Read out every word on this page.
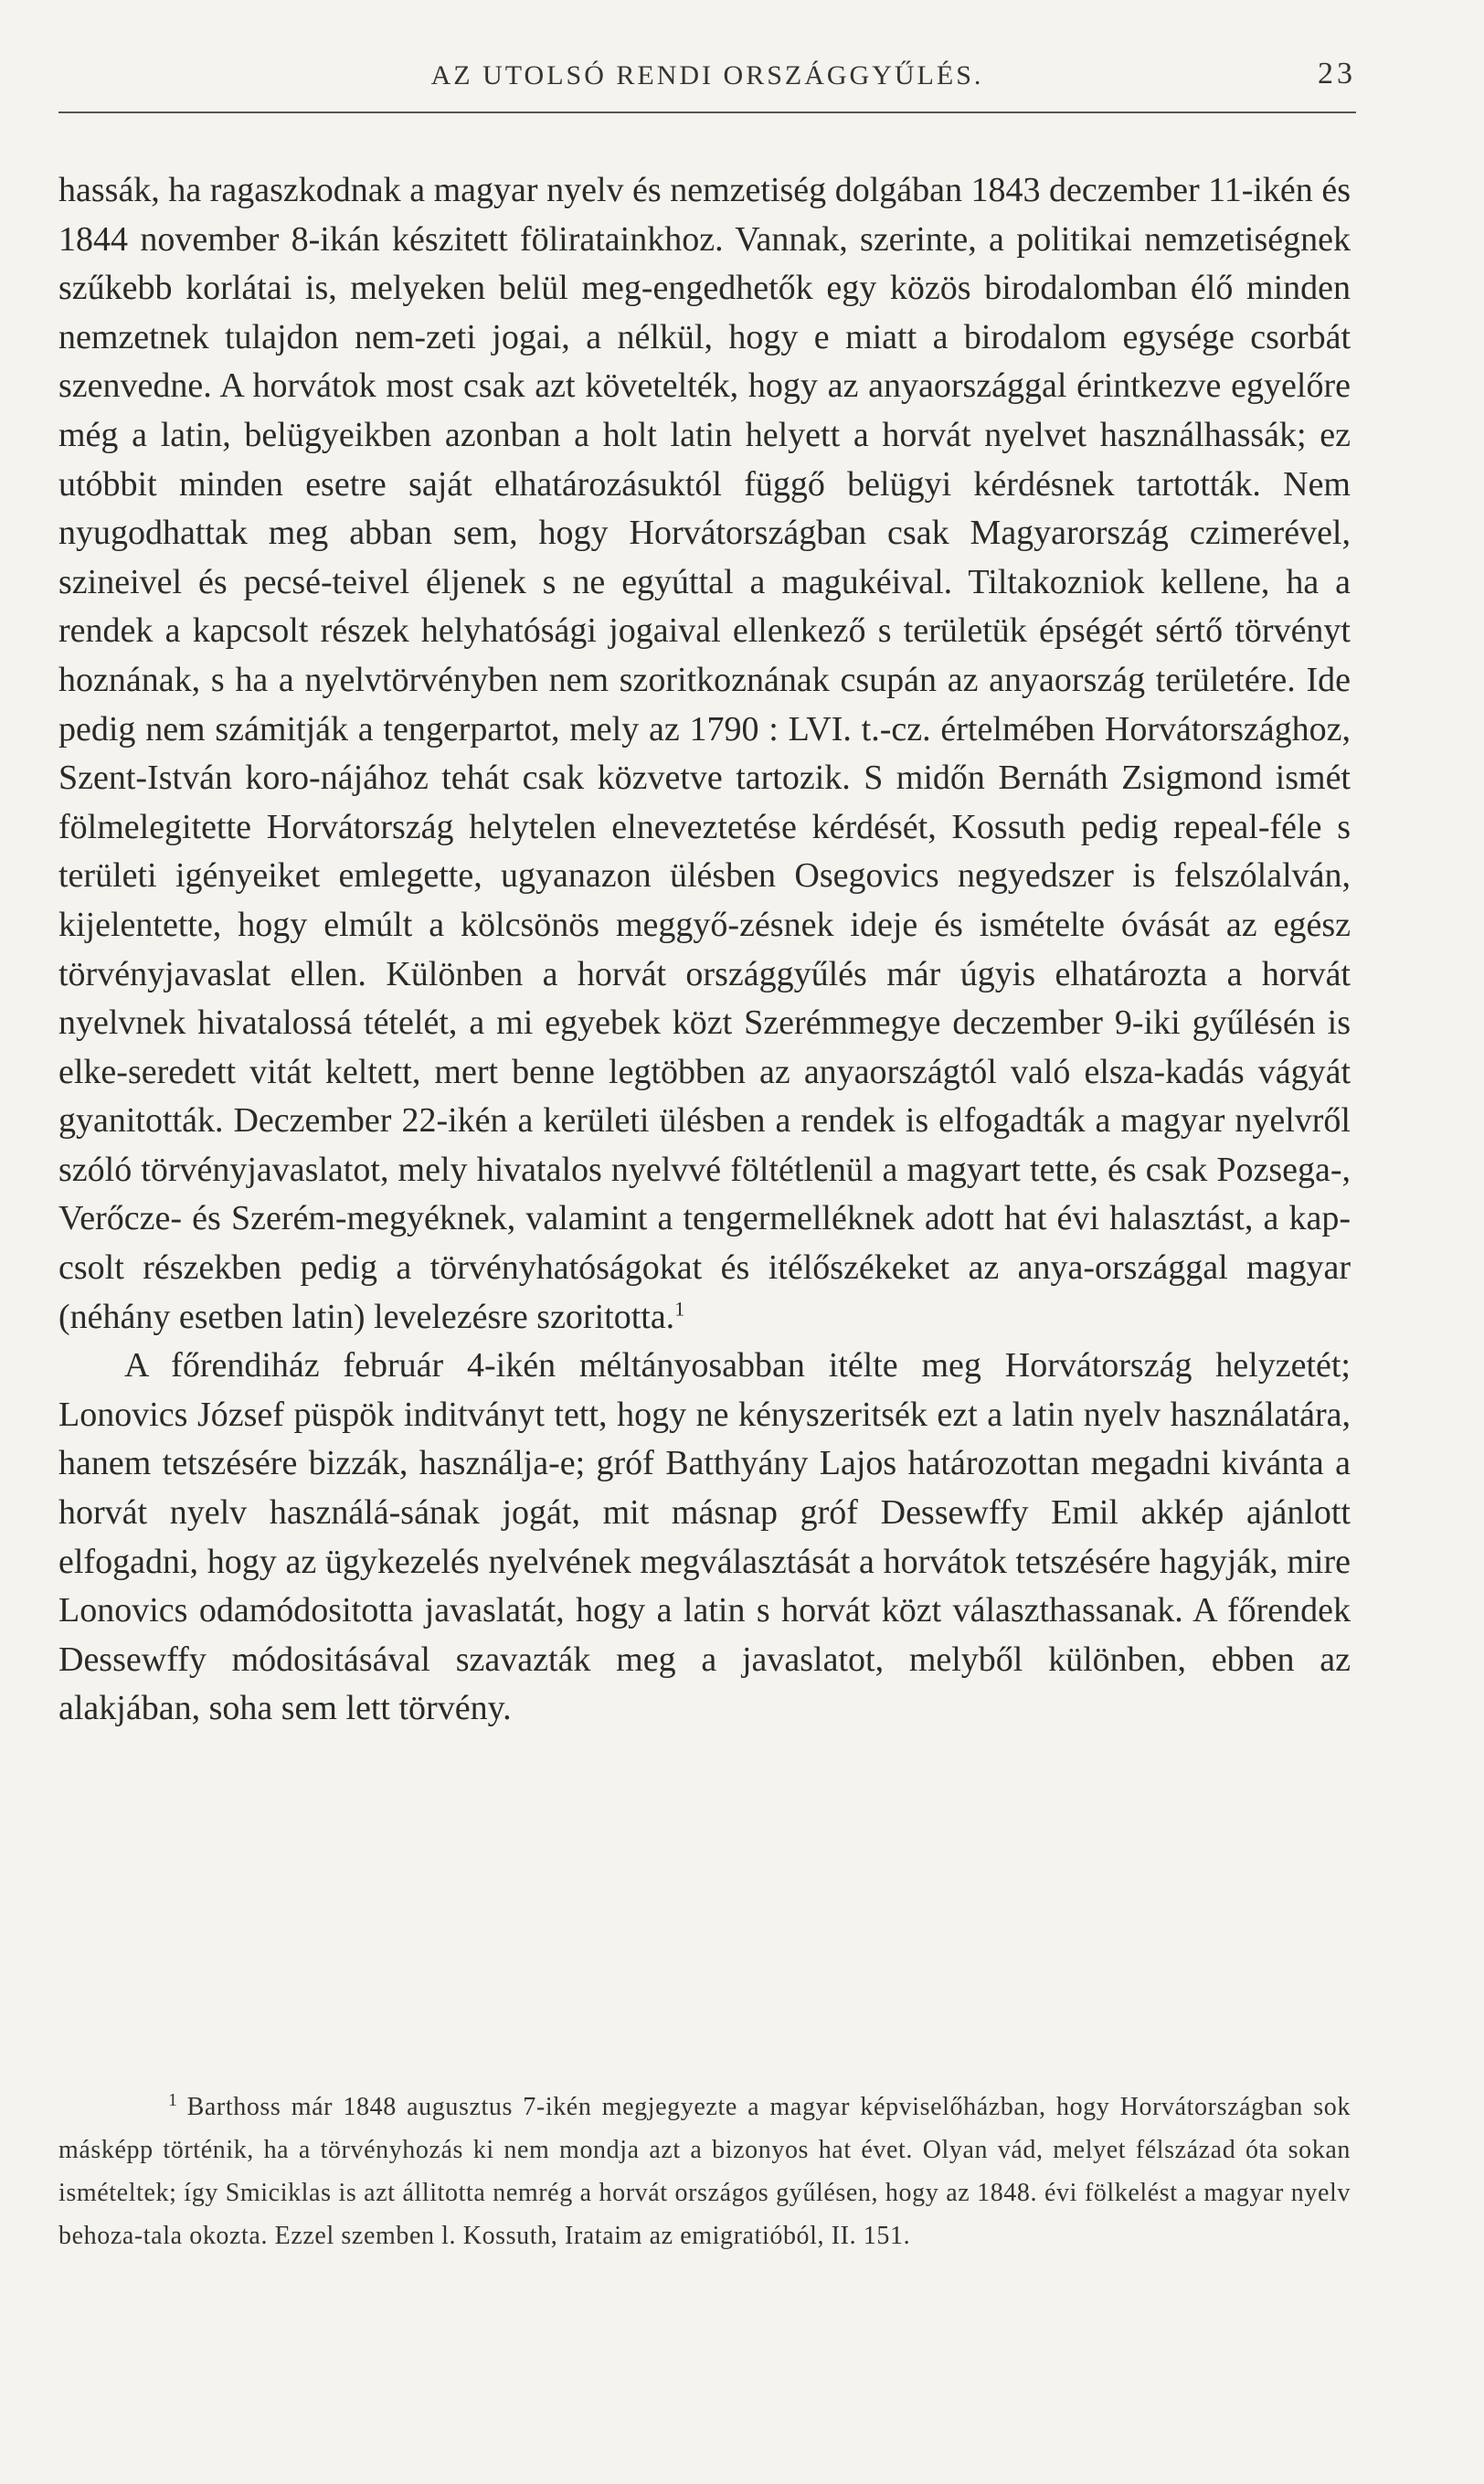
AZ UTOLSÓ RENDI ORSZÁGGYŰLÉS.	23

hassák, ha ragaszkodnak a magyar nyelv és nemzetiség dolgában 1843 deczember 11-ikén és 1844 november 8-ikán készitett föliratainkhoz. Vannak, szerinte, a politikai nemzetiségnek szűkebb korlátai is, melyeken belül meg-engedhetők egy közös birodalomban élő minden nemzetnek tulajdon nem-zeti jogai, a nélkül, hogy e miatt a birodalom egysége csorbát szenvedne. A horvátok most csak azt követelték, hogy az anyaországgal érintkezve egyelőre még a latin, belügyeikben azonban a holt latin helyett a horvát nyelvet használhassák; ez utóbbit minden esetre saját elhatározásuktól függő belügyi kérdésnek tartották. Nem nyugodhattak meg abban sem, hogy Horvátországban csak Magyarország czimerével, szineivel és pecsé-teivel éljenek s ne egyúttal a magukéival. Tiltakozniok kellene, ha a rendek a kapcsolt részek helyhatósági jogaival ellenkező s területük épségét sértő törvényt hoznának, s ha a nyelvtörvényben nem szoritkoznának csupán az anyaország területére. Ide pedig nem számitják a tengerpartot, mely az 1790 : LVI. t.-cz. értelmében Horvátországhoz, Szent-István koro-nájához tehát csak közvetve tartozik. S midőn Bernáth Zsigmond ismét fölmelegitette Horvátország helytelen elneveztetése kérdését, Kossuth pedig repeal-féle s területi igényeiket emlegette, ugyanazon ülésben Osegovics negyedszer is felszólalván, kijelentette, hogy elmúlt a kölcsönös meggyő-zésnek ideje és ismételte óvását az egész törvényjavaslat ellen. Különben a horvát országgyűlés már úgyis elhatározta a horvát nyelvnek hivatalossá tételét, a mi egyebek közt Szerémmegye deczember 9-iki gyűlésén is elke-seredett vitát keltett, mert benne legtöbben az anyaországtól való elsza-kadás vágyát gyanitották. Deczember 22-ikén a kerületi ülésben a rendek is elfogadták a magyar nyelvről szóló törvényjavaslatot, mely hivatalos nyelvvé föltétlenül a magyart tette, és csak Pozsega-, Verőcze- és Szerém-megyéknek, valamint a tengermelléknek adott hat évi halasztást, a kap-csolt részekben pedig a törvényhatóságokat és itélőszékeket az anya-országgal magyar (néhány esetben latin) levelezésre szoritotta.$^1$

A főrendiház február 4-ikén méltányosabban itélte meg Horvátország helyzetét; Lonovics József püspök inditványt tett, hogy ne kényszeritsék ezt a latin nyelv használatára, hanem tetszésére bizzák, használja-e; gróf Batthyány Lajos határozottan megadni kivánta a horvát nyelv használá-sának jogát, mit másnap gróf Dessewffy Emil akkép ajánlott elfogadni, hogy az ügykezelés nyelvének megválasztását a horvátok tetszésére hagyják, mire Lonovics odamódositotta javaslatát, hogy a latin s horvát közt választhassanak. A főrendek Dessewffy módositásával szavazták meg a javaslatot, melyből különben, ebben az alakjában, soha sem lett törvény.

$^1$ Barthoss már 1848 augusztus 7-ikén megjegyezte a magyar képviselőházban, hogy Horvátországban sok másképp történik, ha a törvényhozás ki nem mondja azt a bizonyos hat évet. Olyan vád, melyet félszázad óta sokan ismételtek; így Smiciklas is azt állitotta nemrég a horvát országos gyűlésen, hogy az 1848. évi fölkelést a magyar nyelv behoza-tala okozta. Ezzel szemben l. Kossuth, Irataim az emigratióból, II. 151.
